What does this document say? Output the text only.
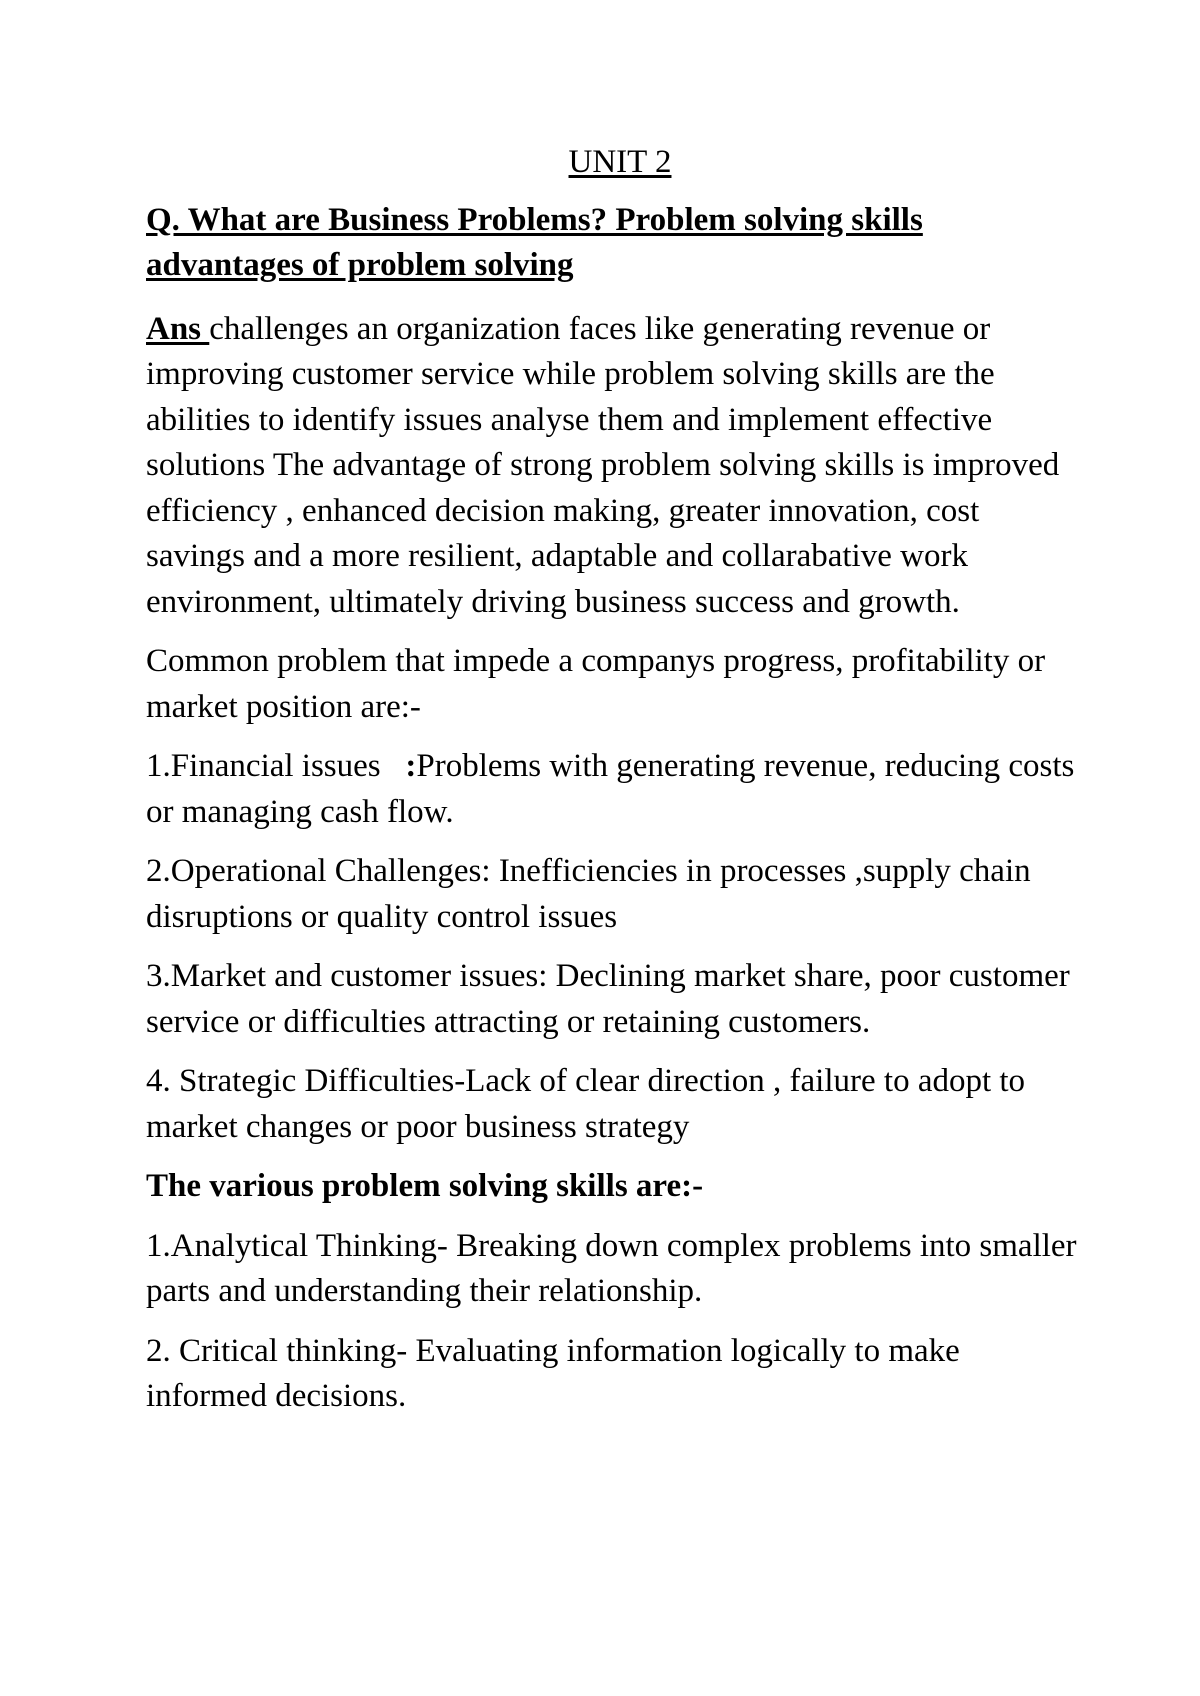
UNIT 2
Q. What are Business Problems? Problem solving skills advantages of problem solving

Ans challenges an organization faces like generating revenue or improving customer service while problem solving skills are the abilities to identify issues analyse them and implement effective solutions The advantage of strong problem solving skills is improved efficiency , enhanced decision making, greater innovation, cost savings and a more resilient, adaptable and collarabative work environment, ultimately driving business success and growth.

Common problem that impede a companys progress, profitability or market position are:-

1.Financial issues   :Problems with generating revenue, reducing costs or managing cash flow.

2.Operational Challenges: Inefficiencies in processes ,supply chain disruptions or quality control issues

3.Market and customer issues: Declining market share, poor customer service or difficulties attracting or retaining customers.

4. Strategic Difficulties-Lack of clear direction , failure to adopt to market changes or poor business strategy

The various problem solving skills are:-

1.Analytical Thinking- Breaking down complex problems into smaller parts and understanding their relationship.

2. Critical thinking- Evaluating information logically to make informed decisions.
